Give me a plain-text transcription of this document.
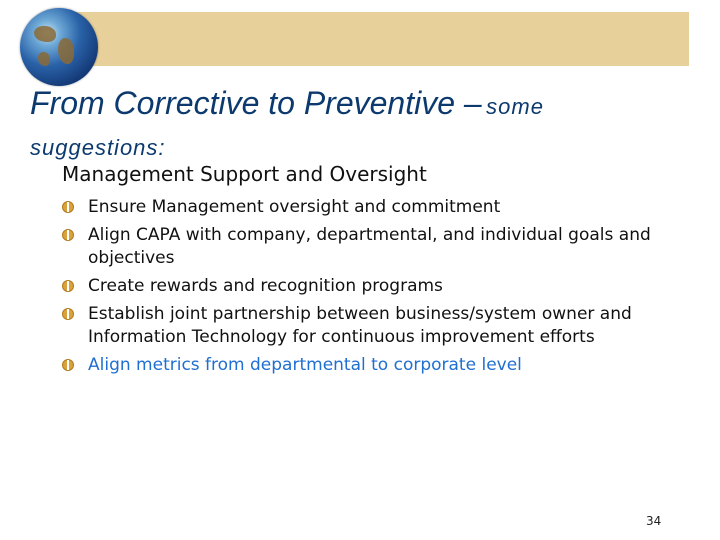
From Corrective to Preventive – some
suggestions:
Management Support and Oversight
Ensure Management oversight and commitment
Align CAPA with company, departmental, and individual goals and objectives
Create rewards and recognition programs
Establish joint partnership between business/system owner and Information Technology for continuous improvement efforts
Align metrics from departmental to corporate level
34
